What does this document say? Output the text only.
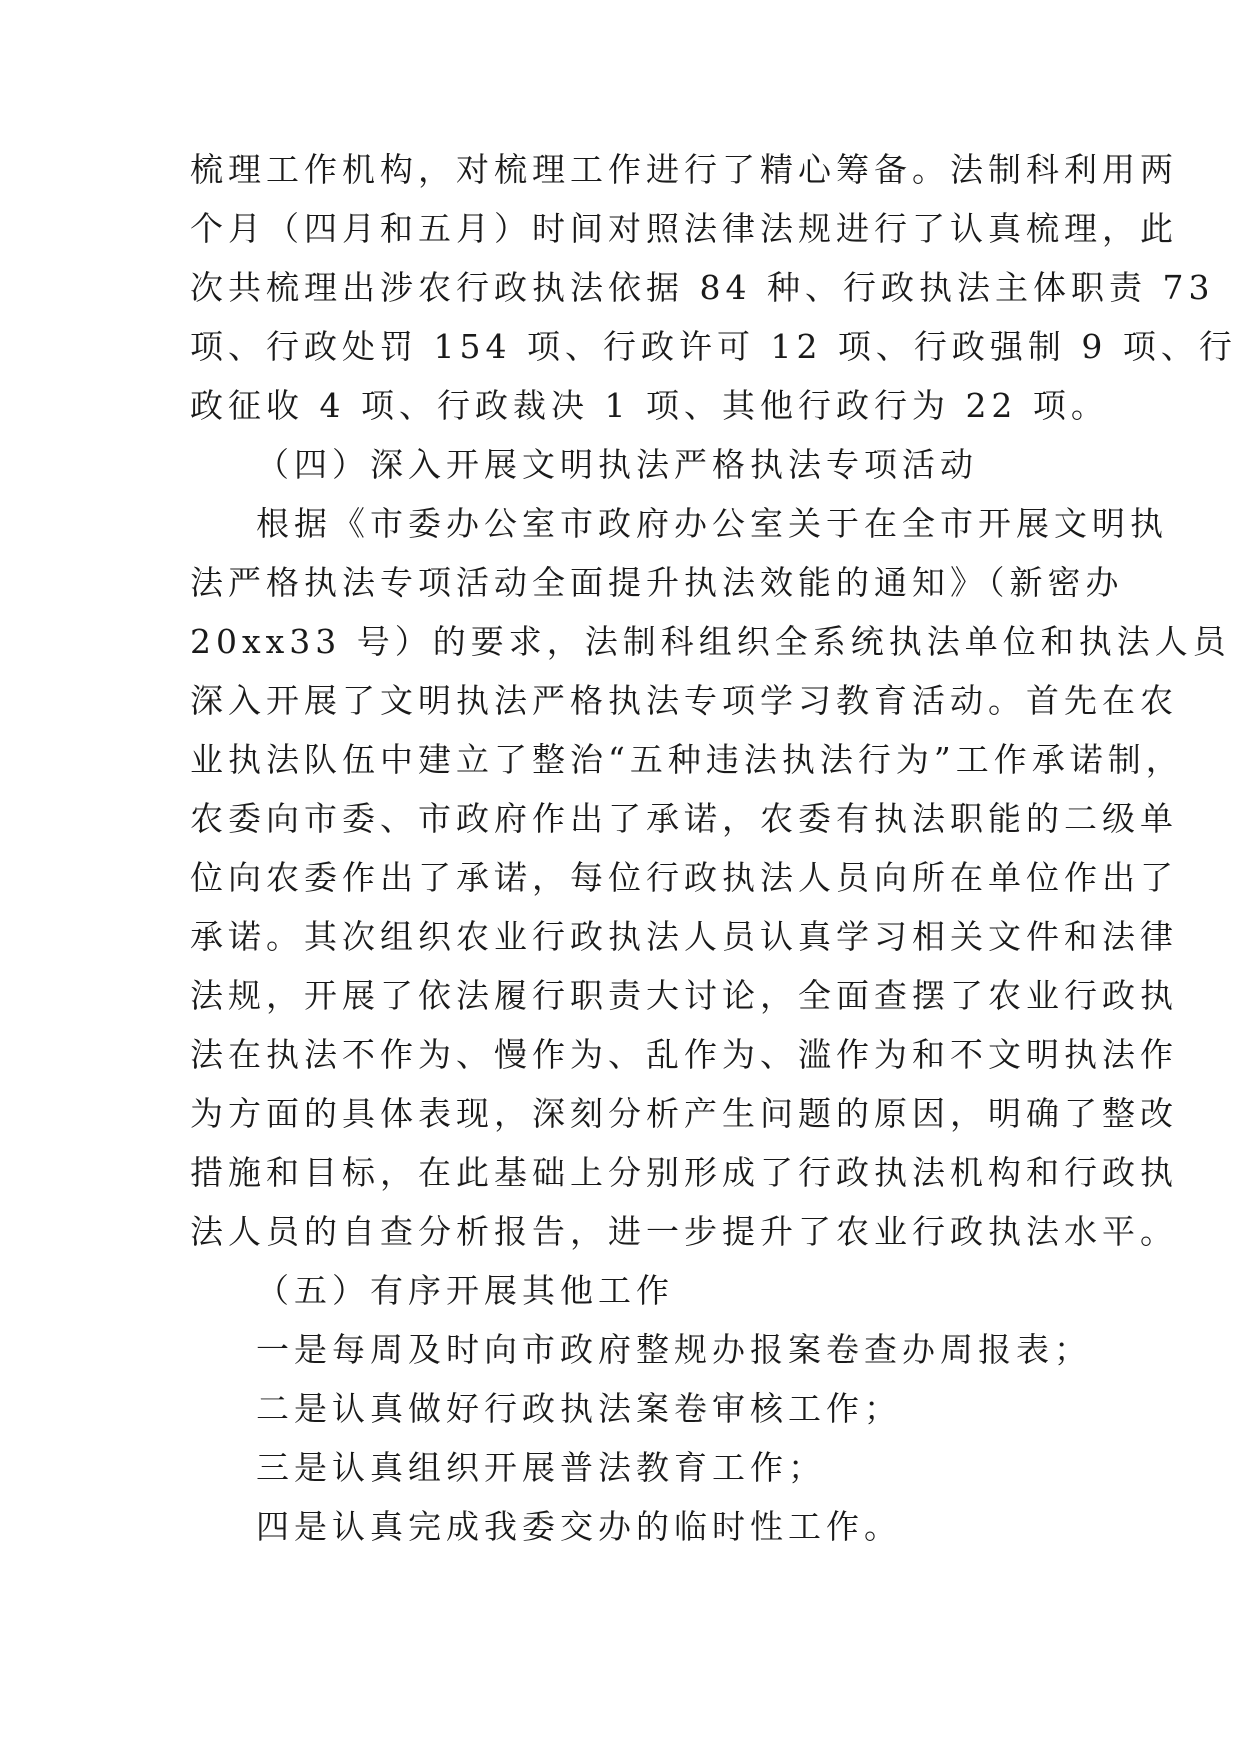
梳理工作机构，对梳理工作进行了精心筹备。法制科利用两
个月（四月和五月）时间对照法律法规进行了认真梳理，此
次共梳理出涉农行政执法依据 84 种、行政执法主体职责 73
项、行政处罚 154 项、行政许可 12 项、行政强制 9 项、行
政征收 4 项、行政裁决 1 项、其他行政行为 22 项。
（四）深入开展文明执法严格执法专项活动
根据《市委办公室市政府办公室关于在全市开展文明执
法严格执法专项活动全面提升执法效能的通知》（新密办
20xx33 号）的要求，法制科组织全系统执法单位和执法人员
深入开展了文明执法严格执法专项学习教育活动。首先在农
业执法队伍中建立了整治“五种违法执法行为”工作承诺制，
农委向市委、市政府作出了承诺，农委有执法职能的二级单
位向农委作出了承诺，每位行政执法人员向所在单位作出了
承诺。其次组织农业行政执法人员认真学习相关文件和法律
法规，开展了依法履行职责大讨论，全面查摆了农业行政执
法在执法不作为、慢作为、乱作为、滥作为和不文明执法作
为方面的具体表现，深刻分析产生问题的原因，明确了整改
措施和目标，在此基础上分别形成了行政执法机构和行政执
法人员的自查分析报告，进一步提升了农业行政执法水平。
（五）有序开展其他工作
一是每周及时向市政府整规办报案卷查办周报表；
二是认真做好行政执法案卷审核工作；
三是认真组织开展普法教育工作；
四是认真完成我委交办的临时性工作。
